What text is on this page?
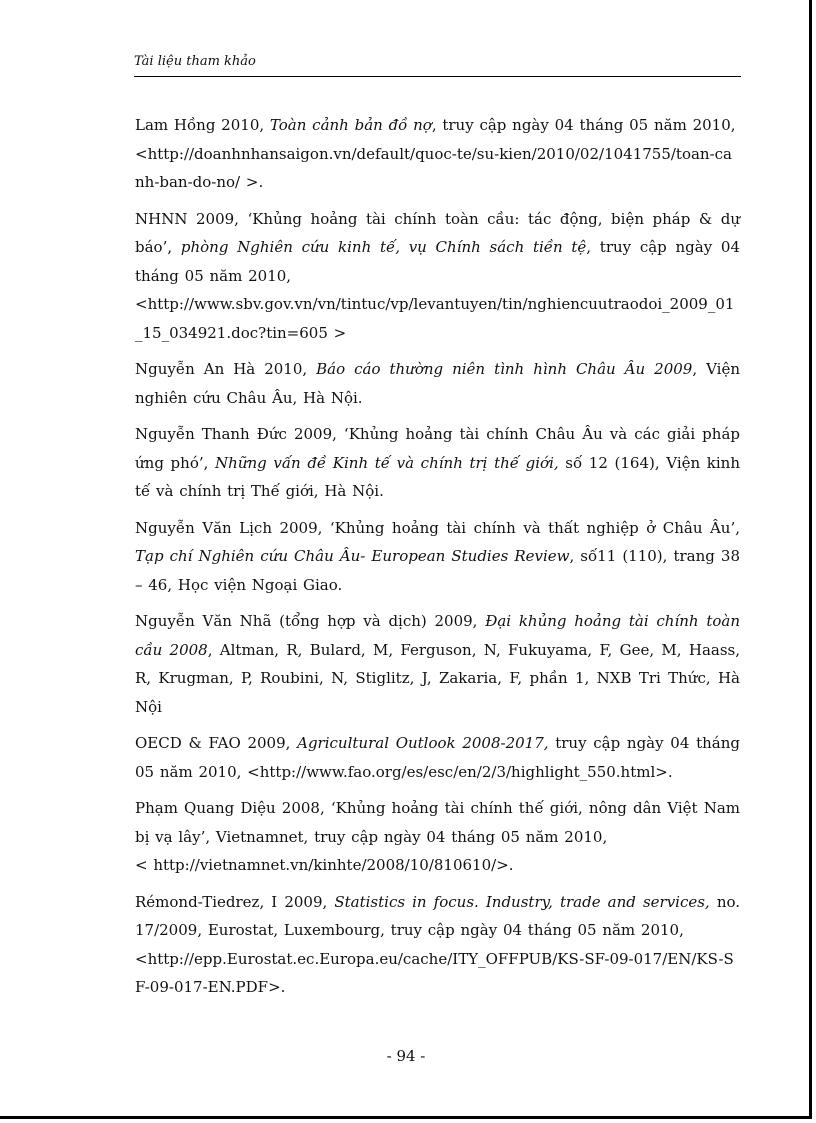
Tài liệu tham khảo

Lam Hồng 2010, Toàn cảnh bản đồ nợ, truy cập ngày 04 tháng 05 năm 2010,
<http://doanhnhansaigon.vn/default/quoc-te/su-kien/2010/02/1041755/toan-canh-ban-do-no/ >.

NHNN 2009, ‘Khủng hoảng tài chính toàn cầu: tác động, biện pháp & dự báo’, phòng Nghiên cứu kinh tế, vụ Chính sách tiền tệ, truy cập ngày 04 tháng 05 năm 2010,
<http://www.sbv.gov.vn/vn/tintuc/vp/levantuyen/tin/nghiencuutraodoi_2009_01_15_034921.doc?tin=605 >

Nguyễn An Hà 2010, Báo cáo thường niên tình hình Châu Âu 2009, Viện nghiên cứu Châu Âu, Hà Nội.

Nguyễn Thanh Đức 2009, ‘Khủng hoảng tài chính Châu Âu và các giải pháp ứng phó’, Những vấn đề Kinh tế và chính trị thế giới, số 12 (164), Viện kinh tế và chính trị Thế giới, Hà Nội.

Nguyễn Văn Lịch 2009, ‘Khủng hoảng tài chính và thất nghiệp ở Châu Âu’, Tạp chí Nghiên cứu Châu Âu- European Studies Review, số11 (110), trang 38 – 46, Học viện Ngoại Giao.

Nguyễn Văn Nhã (tổng hợp và dịch) 2009, Đại khủng hoảng tài chính toàn cầu 2008, Altman, R, Bulard, M, Ferguson, N, Fukuyama, F, Gee, M, Haass, R, Krugman, P, Roubini, N, Stiglitz, J, Zakaria, F, phần 1, NXB Tri Thức, Hà Nội

OECD & FAO 2009, Agricultural Outlook 2008-2017, truy cập ngày 04 tháng 05 năm 2010, <http://www.fao.org/es/esc/en/2/3/highlight_550.html>.

Phạm Quang Diệu 2008, ‘Khủng hoảng tài chính thế giới, nông dân Việt Nam bị vạ lây’, Vietnamnet, truy cập ngày 04 tháng 05 năm 2010,
< http://vietnamnet.vn/kinhte/2008/10/810610/>.

Rémond-Tiedrez, I 2009, Statistics in focus. Industry, trade and services, no. 17/2009, Eurostat, Luxembourg, truy cập ngày 04 tháng 05 năm 2010,
<http://epp.Eurostat.ec.Europa.eu/cache/ITY_OFFPUB/KS-SF-09-017/EN/KS-SF-09-017-EN.PDF>.

- 94 -
